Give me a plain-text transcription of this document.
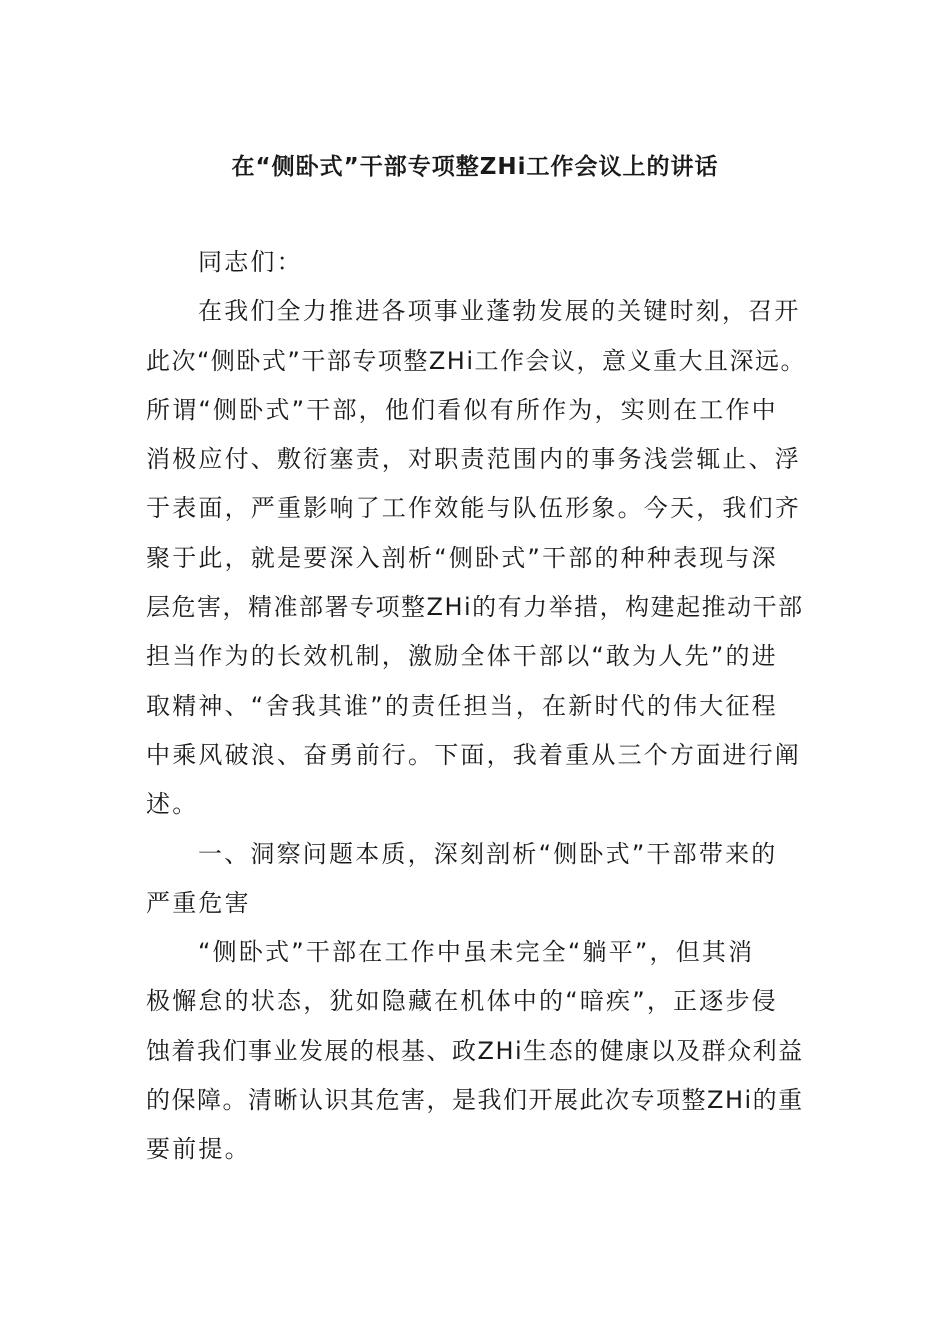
在“侧卧式”干部专项整ZHi工作会议上的讲话
同志们：
在我们全力推进各项事业蓬勃发展的关键时刻，召开
此次“侧卧式”干部专项整ZHi工作会议，意义重大且深远。
所谓“侧卧式”干部，他们看似有所作为，实则在工作中
消极应付、敷衍塞责，对职责范围内的事务浅尝辄止、浮
于表面，严重影响了工作效能与队伍形象。今天，我们齐
聚于此，就是要深入剖析“侧卧式”干部的种种表现与深
层危害，精准部署专项整ZHi的有力举措，构建起推动干部
担当作为的长效机制，激励全体干部以“敢为人先”的进
取精神、“舍我其谁”的责任担当，在新时代的伟大征程
中乘风破浪、奋勇前行。下面，我着重从三个方面进行阐
述。
一、洞察问题本质，深刻剖析“侧卧式”干部带来的
严重危害
“侧卧式”干部在工作中虽未完全“躺平”，但其消
极懈怠的状态，犹如隐藏在机体中的“暗疾”，正逐步侵
蚀着我们事业发展的根基、政ZHi生态的健康以及群众利益
的保障。清晰认识其危害，是我们开展此次专项整ZHi的重
要前提。
